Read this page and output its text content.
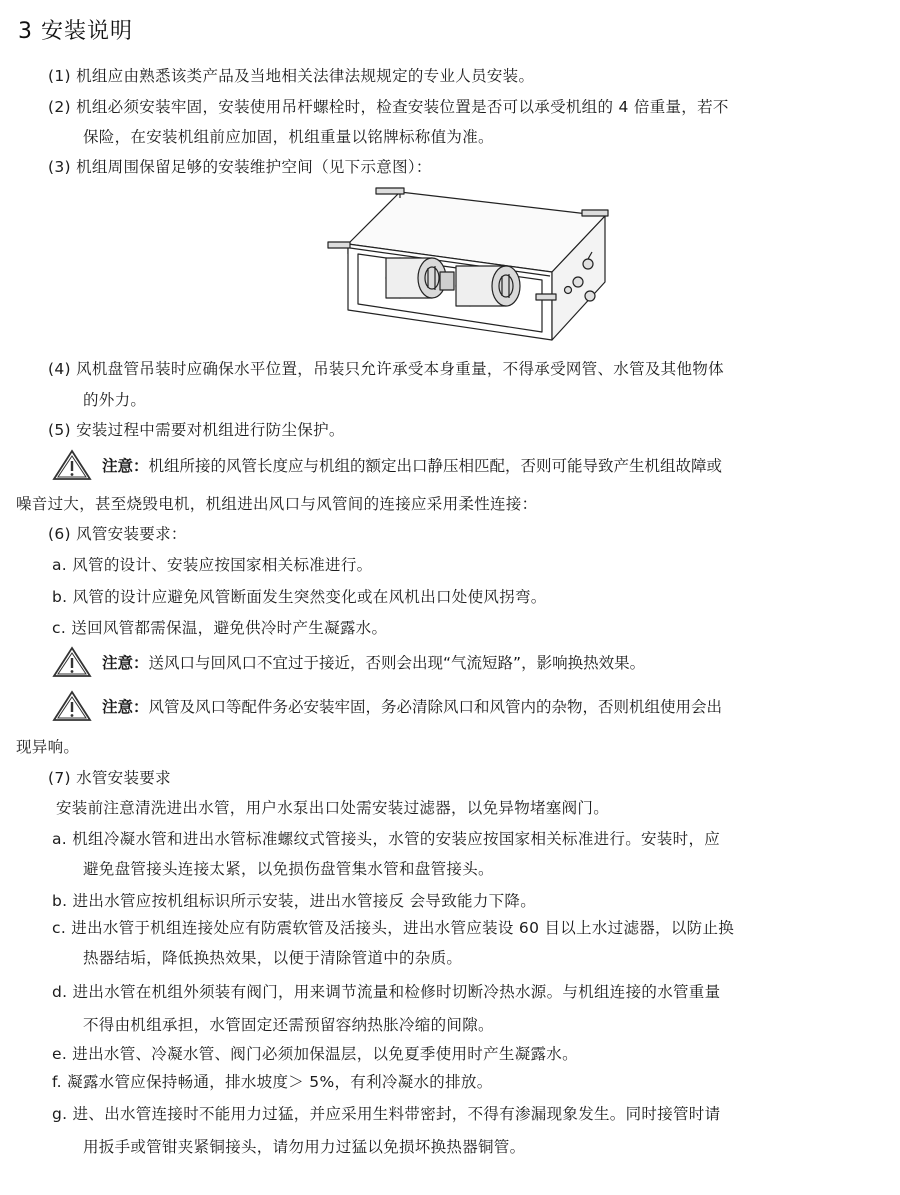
3 安装说明
(1) 机组应由熟悉该类产品及当地相关法律法规规定的专业人员安装。
(2) 机组必须安装牢固，安装使用吊杆螺栓时，检查安装位置是否可以承受机组的 4 倍重量，若不
保险，在安装机组前应加固，机组重量以铭牌标称值为准。
(3) 机组周围保留足够的安装维护空间（见下示意图）：
(4) 风机盘管吊装时应确保水平位置，吊装只允许承受本身重量，不得承受网管、水管及其他物体
的外力。
(5) 安装过程中需要对机组进行防尘保护。
注意：机组所接的风管长度应与机组的额定出口静压相匹配，否则可能导致产生机组故障或
噪音过大，甚至烧毁电机，机组进出风口与风管间的连接应采用柔性连接：
(6) 风管安装要求：
a. 风管的设计、安装应按国家相关标准进行。
b. 风管的设计应避免风管断面发生突然变化或在风机出口处使风拐弯。
c. 送回风管都需保温，避免供冷时产生凝露水。
注意：送风口与回风口不宜过于接近，否则会出现“气流短路”，影响换热效果。
注意：风管及风口等配件务必安装牢固，务必清除风口和风管内的杂物，否则机组使用会出
现异响。
(7) 水管安装要求
安装前注意清洗进出水管，用户水泵出口处需安装过滤器，以免异物堵塞阀门。
a. 机组冷凝水管和进出水管标准螺纹式管接头，水管的安装应按国家相关标准进行。安装时，应
避免盘管接头连接太紧，以免损伤盘管集水管和盘管接头。
b. 进出水管应按机组标识所示安装，进出水管接反 会导致能力下降。
c. 进出水管于机组连接处应有防震软管及活接头，进出水管应装设 60 目以上水过滤器，以防止换
热器结垢，降低换热效果，以便于清除管道中的杂质。
d. 进出水管在机组外须装有阀门，用来调节流量和检修时切断冷热水源。与机组连接的水管重量
不得由机组承担，水管固定还需预留容纳热胀冷缩的间隙。
e. 进出水管、冷凝水管、阀门必须加保温层，以免夏季使用时产生凝露水。
f. 凝露水管应保持畅通，排水坡度＞ 5%，有利冷凝水的排放。
g. 进、出水管连接时不能用力过猛，并应采用生料带密封，不得有渗漏现象发生。同时接管时请
用扳手或管钳夹紧铜接头，请勿用力过猛以免损坏换热器铜管。
